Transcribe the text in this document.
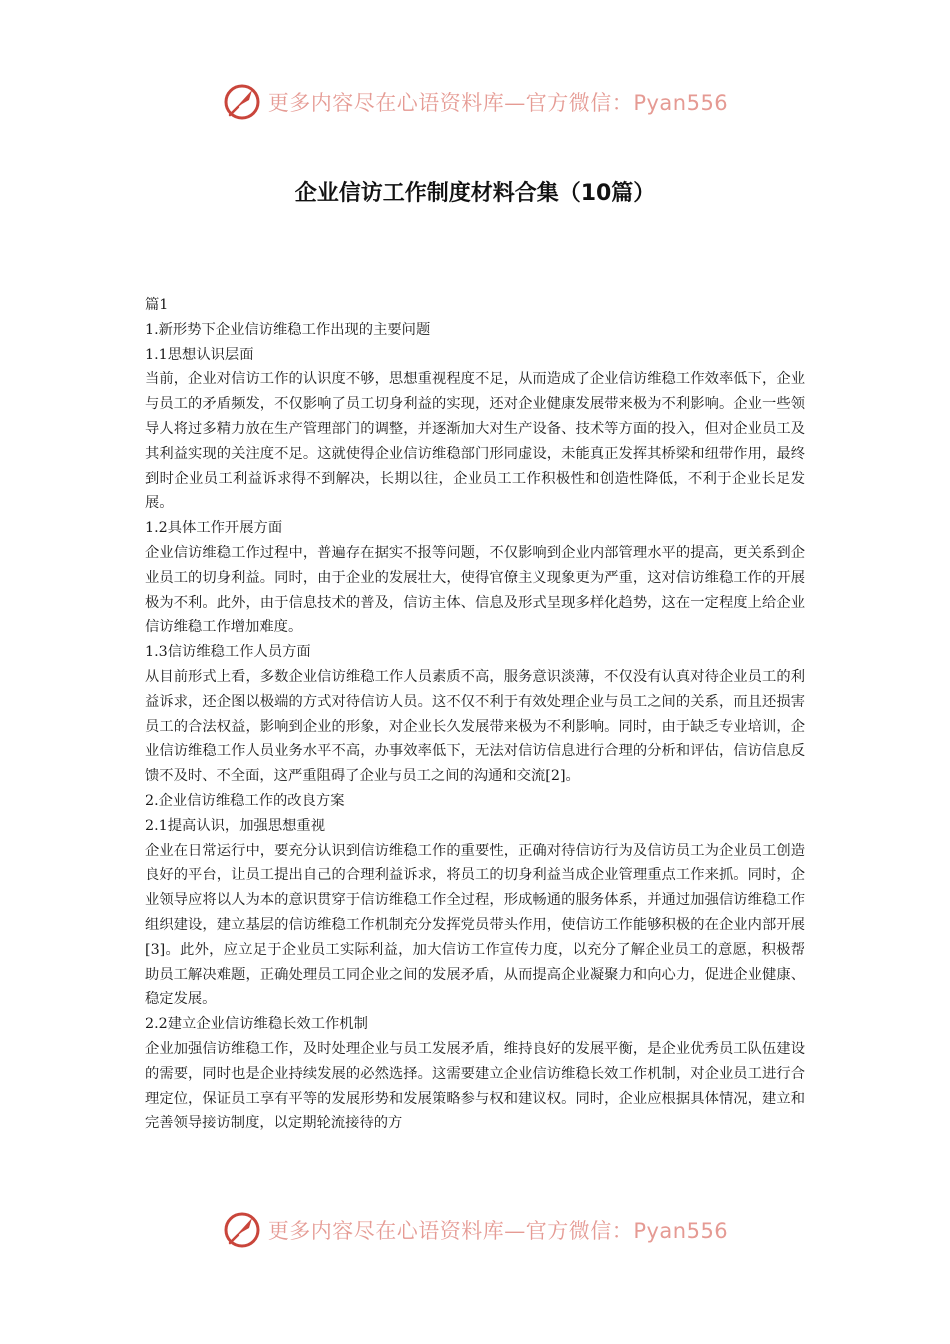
更多内容尽在心语资料库—官方微信：Pyan556
企业信访工作制度材料合集（10篇）

篇1

1.新形势下企业信访维稳工作出现的主要问题

1.1思想认识层面

当前，企业对信访工作的认识度不够，思想重视程度不足，从而造成了企业信访维稳工作效率低下，企业与员工的矛盾频发，不仅影响了员工切身利益的实现，还对企业健康发展带来极为不利影响。企业一些领导人将过多精力放在生产管理部门的调整，并逐渐加大对生产设备、技术等方面的投入，但对企业员工及其利益实现的关注度不足。这就使得企业信访维稳部门形同虚设，未能真正发挥其桥梁和纽带作用，最终到时企业员工利益诉求得不到解决，长期以往，企业员工工作积极性和创造性降低，不利于企业长足发展。

1.2具体工作开展方面

企业信访维稳工作过程中，普遍存在据实不报等问题，不仅影响到企业内部管理水平的提高，更关系到企业员工的切身利益。同时，由于企业的发展壮大，使得官僚主义现象更为严重，这对信访维稳工作的开展极为不利。此外，由于信息技术的普及，信访主体、信息及形式呈现多样化趋势，这在一定程度上给企业信访维稳工作增加难度。

1.3信访维稳工作人员方面

从目前形式上看，多数企业信访维稳工作人员素质不高，服务意识淡薄，不仅没有认真对待企业员工的利益诉求，还企图以极端的方式对待信访人员。这不仅不利于有效处理企业与员工之间的关系，而且还损害员工的合法权益，影响到企业的形象，对企业长久发展带来极为不利影响。同时，由于缺乏专业培训，企业信访维稳工作人员业务水平不高，办事效率低下，无法对信访信息进行合理的分析和评估，信访信息反馈不及时、不全面，这严重阻碍了企业与员工之间的沟通和交流[2]。

2.企业信访维稳工作的改良方案

2.1提高认识，加强思想重视

企业在日常运行中，要充分认识到信访维稳工作的重要性，正确对待信访行为及信访员工为企业员工创造良好的平台，让员工提出自己的合理利益诉求，将员工的切身利益当成企业管理重点工作来抓。同时，企业领导应将以人为本的意识贯穿于信访维稳工作全过程，形成畅通的服务体系，并通过加强信访维稳工作组织建设，建立基层的信访维稳工作机制充分发挥党员带头作用，使信访工作能够积极的在企业内部开展[3]。此外，应立足于企业员工实际利益，加大信访工作宣传力度，以充分了解企业员工的意愿，积极帮助员工解决难题，正确处理员工同企业之间的发展矛盾，从而提高企业凝聚力和向心力，促进企业健康、稳定发展。

2.2建立企业信访维稳长效工作机制

企业加强信访维稳工作，及时处理企业与员工发展矛盾，维持良好的发展平衡，是企业优秀员工队伍建设的需要，同时也是企业持续发展的必然选择。这需要建立企业信访维稳长效工作机制，对企业员工进行合理定位，保证员工享有平等的发展形势和发展策略参与权和建议权。同时，企业应根据具体情况，建立和完善领导接访制度，以定期轮流接待的方

更多内容尽在心语资料库—官方微信：Pyan556
